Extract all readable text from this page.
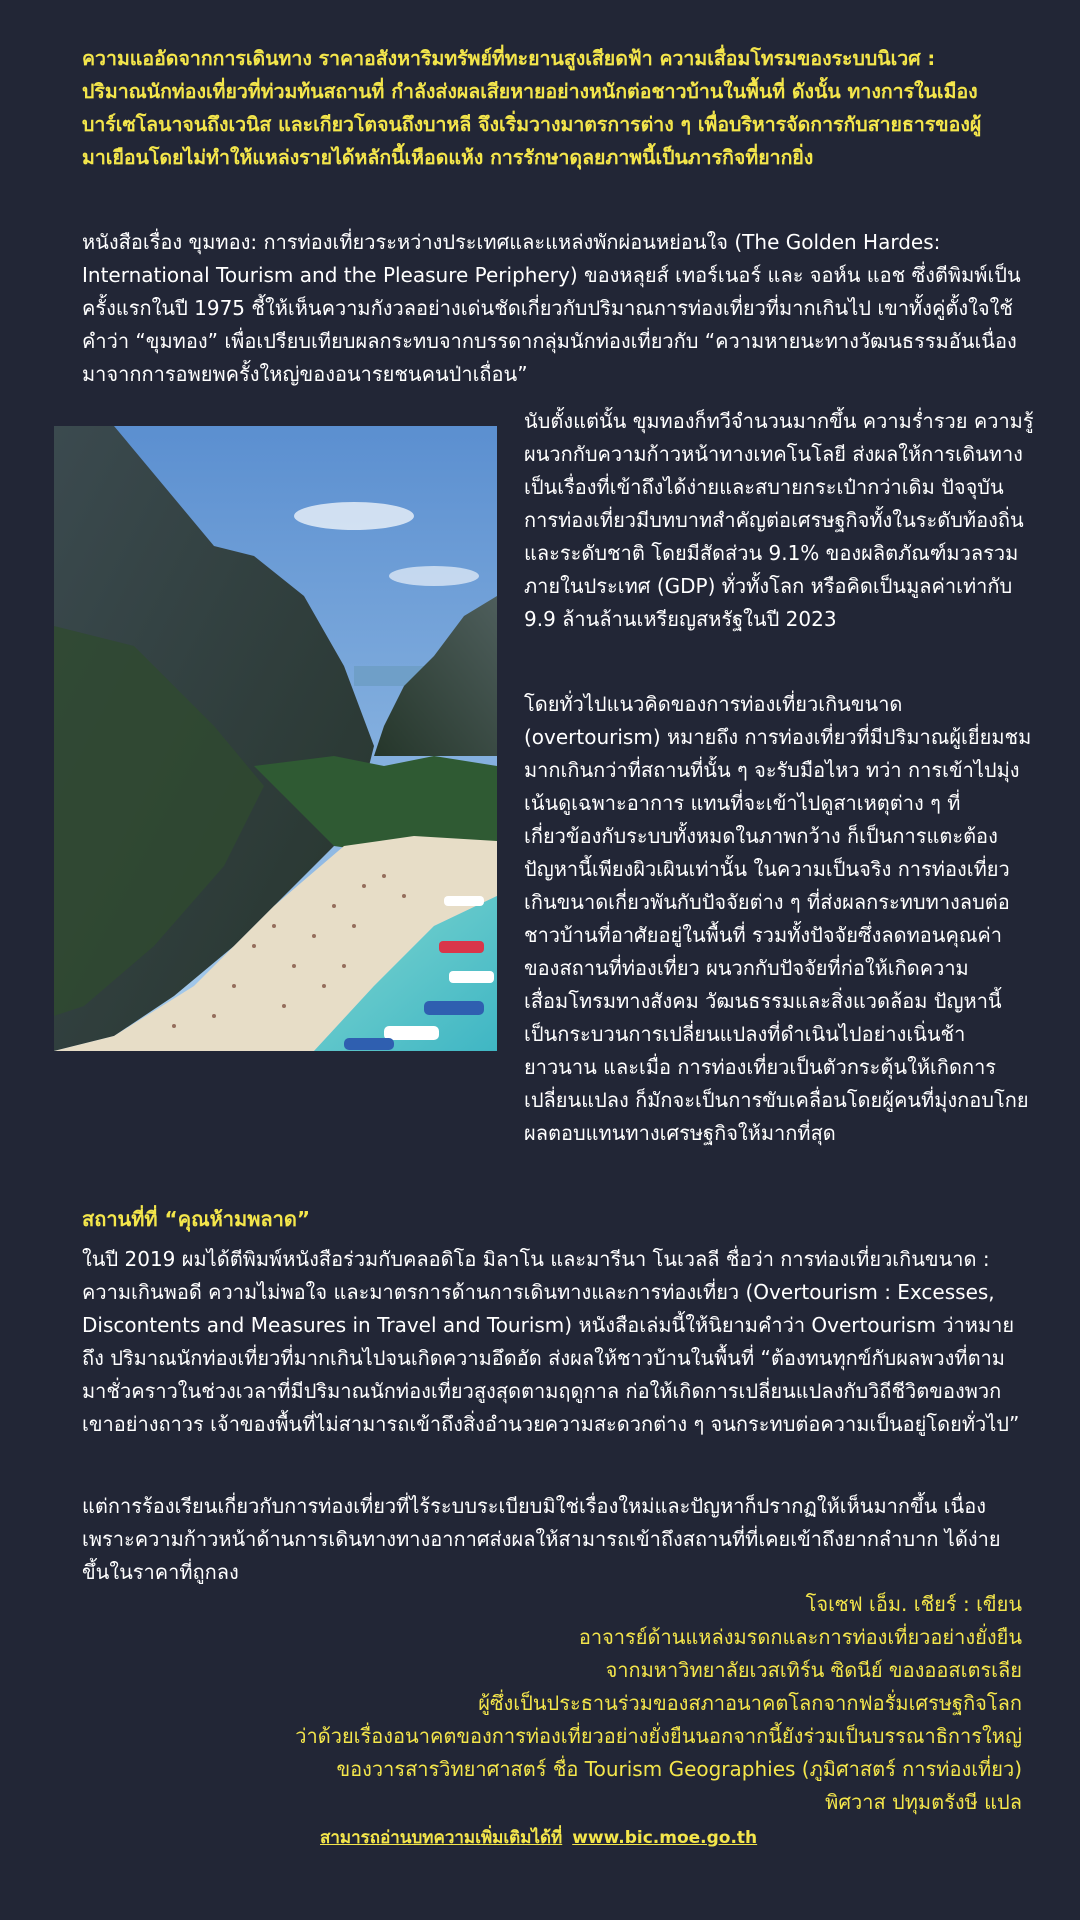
ความแออัดจากการเดินทาง ราคาอสังหาริมทรัพย์ที่ทะยานสูงเสียดฟ้า ความเสื่อมโทรมของระบบนิเวศ : ปริมาณนักท่องเที่ยวที่ท่วมท้นสถานที่ กำลังส่งผลเสียหายอย่างหนักต่อชาวบ้านในพื้นที่ ดังนั้น ทางการในเมืองบาร์เซโลนาจนถึงเวนิส และเกียวโตจนถึงบาหลี จึงเริ่มวางมาตรการต่าง ๆ เพื่อบริหารจัดการกับสายธารของผู้มาเยือนโดยไม่ทำให้แหล่งรายได้หลักนี้เหือดแห้ง การรักษาดุลยภาพนี้เป็นภารกิจที่ยากยิ่ง
หนังสือเรื่อง ขุมทอง: การท่องเที่ยวระหว่างประเทศและแหล่งพักผ่อนหย่อนใจ (The Golden Hardes: International Tourism and the Pleasure Periphery) ของหลุยส์ เทอร์เนอร์ และ จอห์น แอช ซึ่งตีพิมพ์เป็นครั้งแรกในปี 1975 ชี้ให้เห็นความกังวลอย่างเด่นชัดเกี่ยวกับปริมาณการท่องเที่ยวที่มากเกินไป เขาทั้งคู่ตั้งใจใช้คำว่า “ขุมทอง” เพื่อเปรียบเทียบผลกระทบจากบรรดากลุ่มนักท่องเที่ยวกับ “ความหายนะทางวัฒนธรรมอันเนื่องมาจากการอพยพครั้งใหญ่ของอนารยชนคนป่าเถื่อน”
นับตั้งแต่นั้น ขุมทองก็ทวีจำนวนมากขึ้น ความร่ำรวย ความรู้ ผนวกกับความก้าวหน้าทางเทคโนโลยี ส่งผลให้การเดินทางเป็นเรื่องที่เข้าถึงได้ง่ายและสบายกระเป๋ากว่าเดิม ปัจจุบัน การท่องเที่ยวมีบทบาทสำคัญต่อเศรษฐกิจทั้งในระดับท้องถิ่น และระดับชาติ โดยมีสัดส่วน 9.1% ของผลิตภัณฑ์มวลรวมภายในประเทศ (GDP) ทั่วทั้งโลก หรือคิดเป็นมูลค่าเท่ากับ 9.9 ล้านล้านเหรียญสหรัฐในปี 2023
โดยทั่วไปแนวคิดของการท่องเที่ยวเกินขนาด (overtourism) หมายถึง การท่องเที่ยวที่มีปริมาณผู้เยี่ยมชมมากเกินกว่าที่สถานที่นั้น ๆ จะรับมือไหว ทว่า การเข้าไปมุ่งเน้นดูเฉพาะอาการ แทนที่จะเข้าไปดูสาเหตุต่าง ๆ ที่เกี่ยวข้องกับระบบทั้งหมดในภาพกว้าง ก็เป็นการแตะต้องปัญหานี้เพียงผิวเผินเท่านั้น ในความเป็นจริง การท่องเที่ยวเกินขนาดเกี่ยวพันกับปัจจัยต่าง ๆ ที่ส่งผลกระทบทางลบต่อชาวบ้านที่อาศัยอยู่ในพื้นที่ รวมทั้งปัจจัยซึ่งลดทอนคุณค่าของสถานที่ท่องเที่ยว ผนวกกับปัจจัยที่ก่อให้เกิดความเสื่อมโทรมทางสังคม วัฒนธรรมและสิ่งแวดล้อม ปัญหานี้เป็นกระบวนการเปลี่ยนแปลงที่ดำเนินไปอย่างเนิ่นช้ายาวนาน และเมื่อ การท่องเที่ยวเป็นตัวกระตุ้นให้เกิดการเปลี่ยนแปลง ก็มักจะเป็นการขับเคลื่อนโดยผู้คนที่มุ่งกอบโกยผลตอบแทนทางเศรษฐกิจให้มากที่สุด
สถานที่ที่ “คุณห้ามพลาด”
ในปี 2019 ผมได้ตีพิมพ์หนังสือร่วมกับคลอดิโอ มิลาโน และมารีนา โนเวลลี ชื่อว่า การท่องเที่ยวเกินขนาด : ความเกินพอดี ความไม่พอใจ และมาตรการด้านการเดินทางและการท่องเที่ยว (Overtourism : Excesses, Discontents and Measures in Travel and Tourism) หนังสือเล่มนี้ให้นิยามคำว่า Overtourism ว่าหมายถึง ปริมาณนักท่องเที่ยวที่มากเกินไปจนเกิดความอึดอัด ส่งผลให้ชาวบ้านในพื้นที่ “ต้องทนทุกข์กับผลพวงที่ตามมาชั่วคราวในช่วงเวลาที่มีปริมาณนักท่องเที่ยวสูงสุดตามฤดูกาล ก่อให้เกิดการเปลี่ยนแปลงกับวิถีชีวิตของพวกเขาอย่างถาวร เจ้าของพื้นที่ไม่สามารถเข้าถึงสิ่งอำนวยความสะดวกต่าง ๆ จนกระทบต่อความเป็นอยู่โดยทั่วไป”
แต่การร้องเรียนเกี่ยวกับการท่องเที่ยวที่ไร้ระบบระเบียบมิใช่เรื่องใหม่และปัญหาก็ปรากฏให้เห็นมากขึ้น เนื่องเพราะความก้าวหน้าด้านการเดินทางทางอากาศส่งผลให้สามารถเข้าถึงสถานที่ที่เคยเข้าถึงยากลำบาก ได้ง่ายขึ้นในราคาที่ถูกลง
โจเซฟ เอ็ม. เชียร์ : เขียน
อาจารย์ด้านแหล่งมรดกและการท่องเที่ยวอย่างยั่งยืน
จากมหาวิทยาลัยเวสเทิร์น ซิดนีย์ ของออสเตรเลีย
ผู้ซึ่งเป็นประธานร่วมของสภาอนาคตโลกจากฟอรั่มเศรษฐกิจโลก
ว่าด้วยเรื่องอนาคตของการท่องเที่ยวอย่างยั่งยืนนอกจากนี้ยังร่วมเป็นบรรณาธิการใหญ่
ของวารสารวิทยาศาสตร์ ชื่อ Tourism Geographies (ภูมิศาสตร์ การท่องเที่ยว)
พิศวาส ปทุมตรังษี แปล
สามารถอ่านบทความเพิ่มเติมได้ที่ www.bic.moe.go.th
